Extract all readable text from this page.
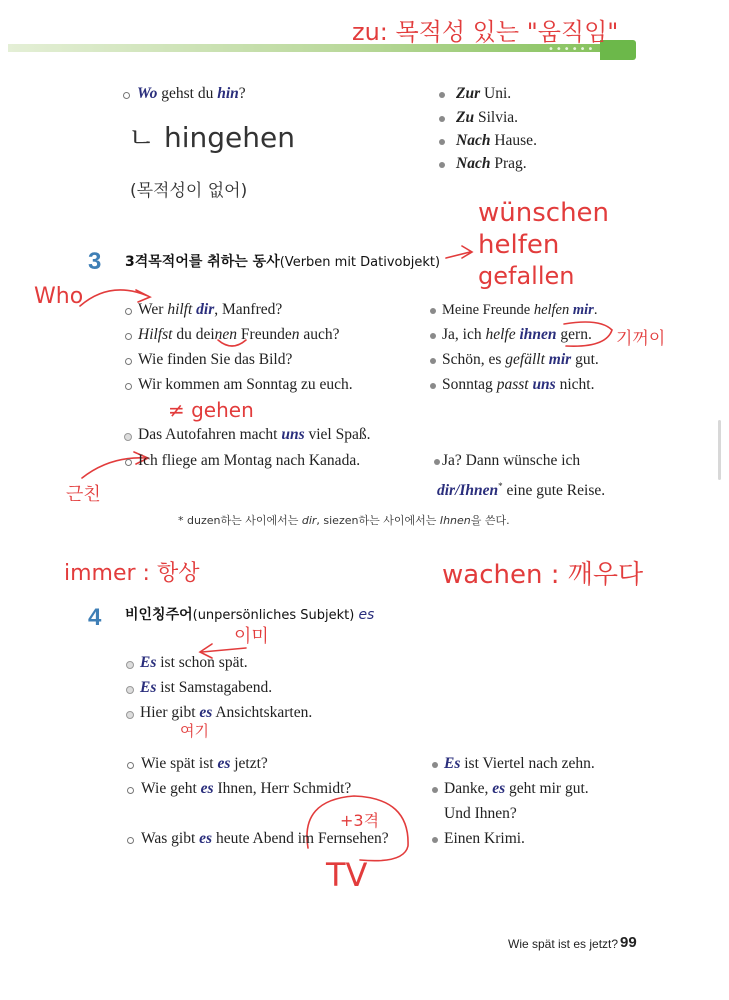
••••••
zu: 목적성 있는 "움직임"
ㄴ hingehen
(목적성이 없어)
wünschen
helfen
gefallen
Who
기꺼이
≠ gehen
근친
immer : 항상	wachen : 깨우다
이미
여기
+3격
TV
Wo gehst du hin?	Zur Uni.
Zu Silvia.
Nach Hause.
Nach Prag.
3 3격목적어를 취하는 동사(Verben mit Dativobjekt)
Wer hilft dir, Manfred?	Meine Freunde helfen mir.
Hilfst du deinen Freunden auch?	Ja, ich helfe ihnen gern.
Wie finden Sie das Bild?	Schön, es gefällt mir gut.
Wir kommen am Sonntag zu euch.	Sonntag passt uns nicht.
Das Autofahren macht uns viel Spaß.
Ich fliege am Montag nach Kanada.	Ja? Dann wünsche ich
dir/Ihnen* eine gute Reise.
* duzen하는 사이에서는 dir, siezen하는 사이에서는 Ihnen을 쓴다.
4 비인칭주어(unpersönliches Subjekt) es
Es ist schon spät.
Es ist Samstagabend.
Hier gibt es Ansichtskarten.
Wie spät ist es jetzt?	Es ist Viertel nach zehn.
Wie geht es Ihnen, Herr Schmidt?	Danke, es geht mir gut.
Und Ihnen?
Was gibt es heute Abend im Fernsehen?	Einen Krimi.
Wie spät ist es jetzt? 99
